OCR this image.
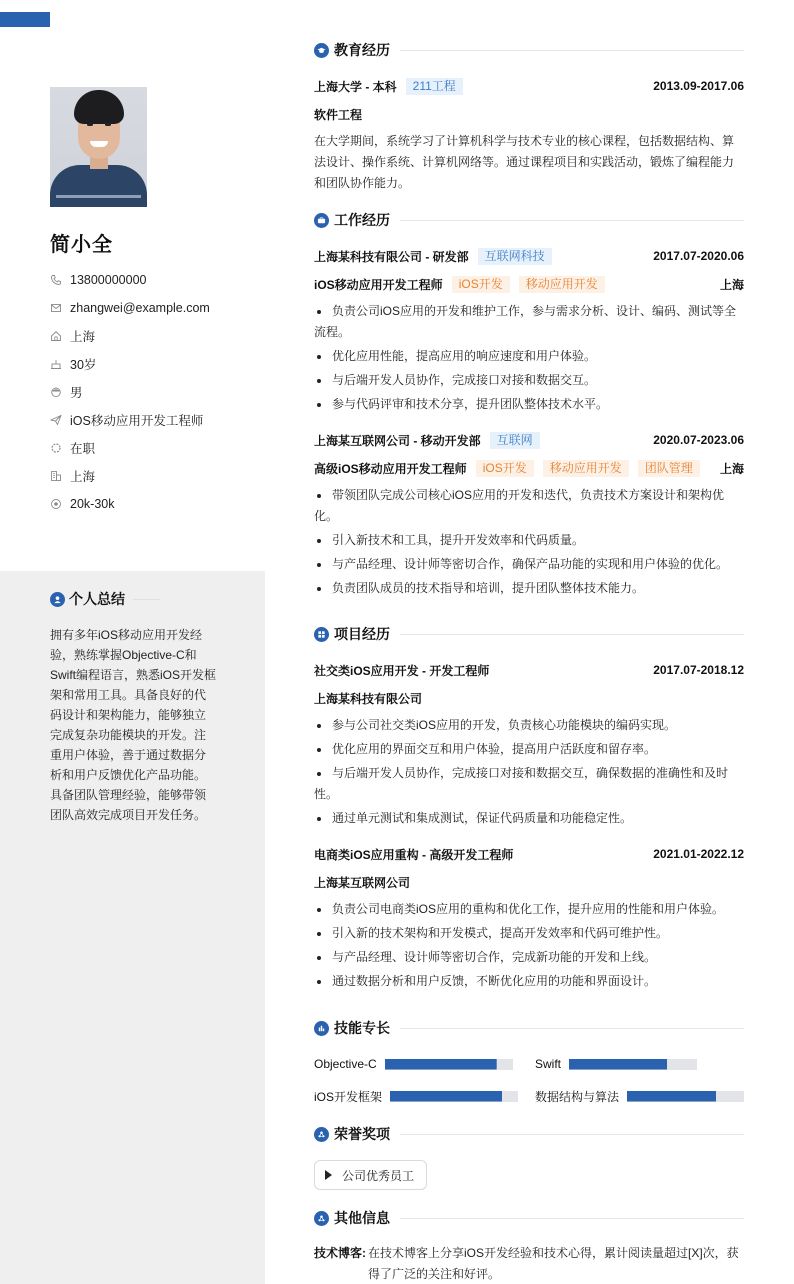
简小全
13800000000
zhangwei@example.com
上海
30岁
男
iOS移动应用开发工程师
在职
上海
20k-30k
个人总结
拥有多年iOS移动应用开发经验，熟练掌握Objective-C和Swift编程语言，熟悉iOS开发框架和常用工具。具备良好的代码设计和架构能力，能够独立完成复杂功能模块的开发。注重用户体验，善于通过数据分析和用户反馈优化产品功能。具备团队管理经验，能够带领团队高效完成项目开发任务。
教育经历
上海大学 - 本科	211工程	2013.09-2017.06
软件工程
在大学期间，系统学习了计算机科学与技术专业的核心课程，包括数据结构、算法设计、操作系统、计算机网络等。通过课程项目和实践活动，锻炼了编程能力和团队协作能力。
工作经历
上海某科技有限公司 - 研发部	互联网科技	2017.07-2020.06
iOS移动应用开发工程师	iOS开发	移动应用开发	上海
负责公司iOS应用的开发和维护工作，参与需求分析、设计、编码、测试等全流程。
优化应用性能，提高应用的响应速度和用户体验。
与后端开发人员协作，完成接口对接和数据交互。
参与代码评审和技术分享，提升团队整体技术水平。
上海某互联网公司 - 移动开发部	互联网	2020.07-2023.06
高级iOS移动应用开发工程师	iOS开发	移动应用开发	团队管理	上海
带领团队完成公司核心iOS应用的开发和迭代，负责技术方案设计和架构优化。
引入新技术和工具，提升开发效率和代码质量。
与产品经理、设计师等密切合作，确保产品功能的实现和用户体验的优化。
负责团队成员的技术指导和培训，提升团队整体技术能力。
项目经历
社交类iOS应用开发 - 开发工程师	2017.07-2018.12
上海某科技有限公司
参与公司社交类iOS应用的开发，负责核心功能模块的编码实现。
优化应用的界面交互和用户体验，提高用户活跃度和留存率。
与后端开发人员协作，完成接口对接和数据交互，确保数据的准确性和及时性。
通过单元测试和集成测试，保证代码质量和功能稳定性。
电商类iOS应用重构 - 高级开发工程师	2021.01-2022.12
上海某互联网公司
负责公司电商类iOS应用的重构和优化工作，提升应用的性能和用户体验。
引入新的技术架构和开发模式，提高开发效率和代码可维护性。
与产品经理、设计师等密切合作，完成新功能的开发和上线。
通过数据分析和用户反馈，不断优化应用的功能和界面设计。
技能专长
Objective-C	Swift
iOS开发框架	数据结构与算法
荣誉奖项
公司优秀员工
其他信息
技术博客: 在技术博客上分享iOS开发经验和技术心得，累计阅读量超过[X]次，获得了广泛的关注和好评。
